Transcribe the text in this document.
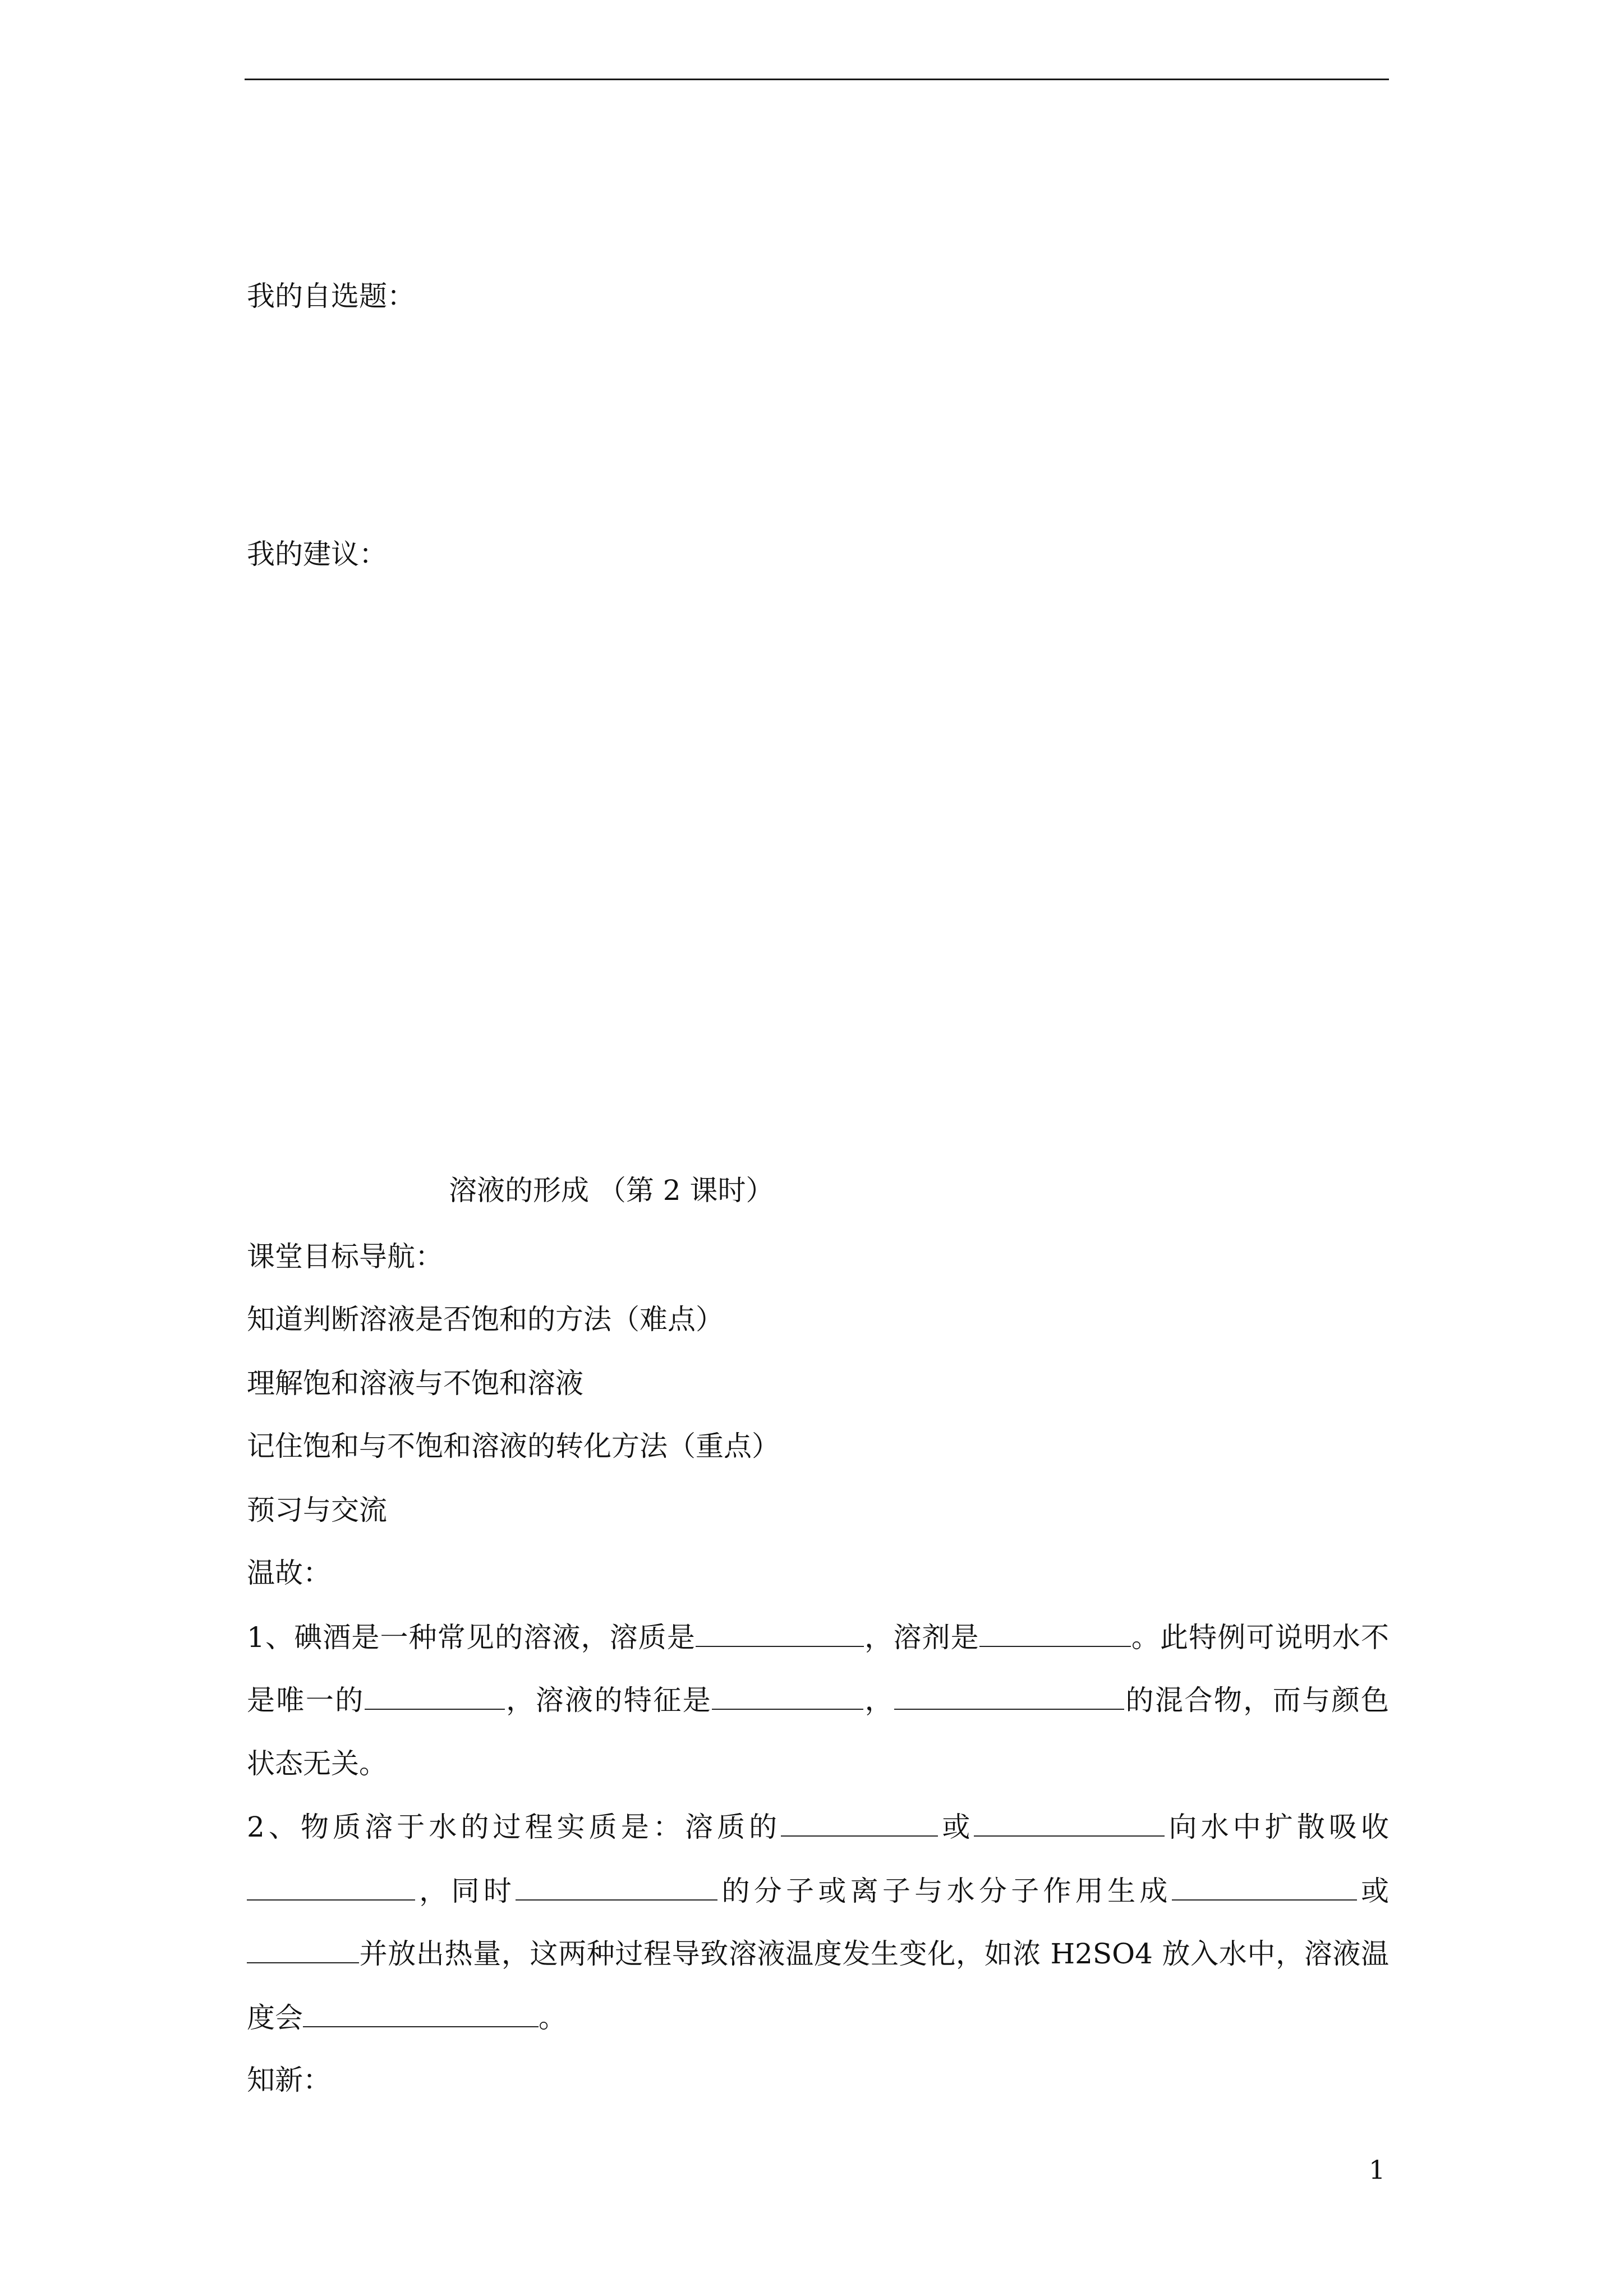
我的自选题：

我的建议：

溶液的形成 （第 2 课时）

课堂目标导航：

知道判断溶液是否饱和的方法（难点）

理解饱和溶液与不饱和溶液

记住饱和与不饱和溶液的转化方法（重点）

预习与交流

温故：

1、碘酒是一种常见的溶液，溶质是	，溶剂是	。此特例可说明水不

是唯一的	，溶液的特征是	，	的混合物，而与颜色

状态无关。

2、物质溶于水的过程实质是：溶质的	或	向水中扩散吸收

，同时	的分子或离子与水分子作用生成	或

并放出热量，这两种过程导致溶液温度发生变化，如浓 H2SO4 放入水中，溶液温

度会	。

知新：

1
